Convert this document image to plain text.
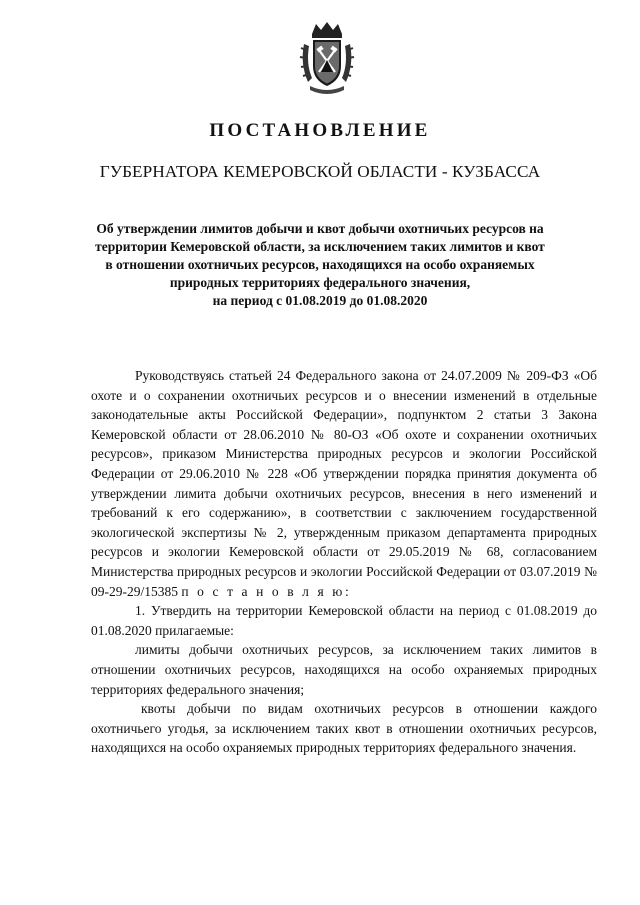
ПОСТАНОВЛЕНИЕ
ГУБЕРНАТОРА КЕМЕРОВСКОЙ ОБЛАСТИ - КУЗБАССА
Об утверждении лимитов добычи и квот добычи охотничьих ресурсов на
территории Кемеровской области, за исключением таких лимитов и квот
в отношении охотничьих ресурсов, находящихся на особо охраняемых
природных территориях федерального значения,
на период с 01.08.2019 до 01.08.2020

Руководствуясь статьей 24 Федерального закона от 24.07.2009 № 209-ФЗ «Об охоте и о сохранении охотничьих ресурсов и о внесении изменений в отдельные законодательные акты Российской Федерации», подпунктом 2 статьи 3 Закона Кемеровской области от 28.06.2010 № 80-ОЗ «Об охоте и сохранении охотничьих ресурсов», приказом Министерства природных ресурсов и экологии Российской Федерации от 29.06.2010 № 228 «Об утверждении порядка принятия документа об утверждении лимита добычи охотничьих ресурсов, внесения в него изменений и требований к его содержанию», в соответствии с заключением государственной экологической экспертизы № 2, утвержденным приказом департамента природных ресурсов и экологии Кемеровской области от 29.05.2019 № 68, согласованием Министерства природных ресурсов и экологии Российской Федерации от 03.07.2019 № 09-29-29/15385 п о с т а н о в л я ю:

1. Утвердить на территории Кемеровской области на период с 01.08.2019 до 01.08.2020 прилагаемые:

лимиты добычи охотничьих ресурсов, за исключением таких лимитов в отношении охотничьих ресурсов, находящихся на особо охраняемых природных территориях федерального значения;

квоты добычи по видам охотничьих ресурсов в отношении каждого охотничьего угодья, за исключением таких квот в отношении охотничьих ресурсов, находящихся на особо охраняемых природных территориях федерального значения.
